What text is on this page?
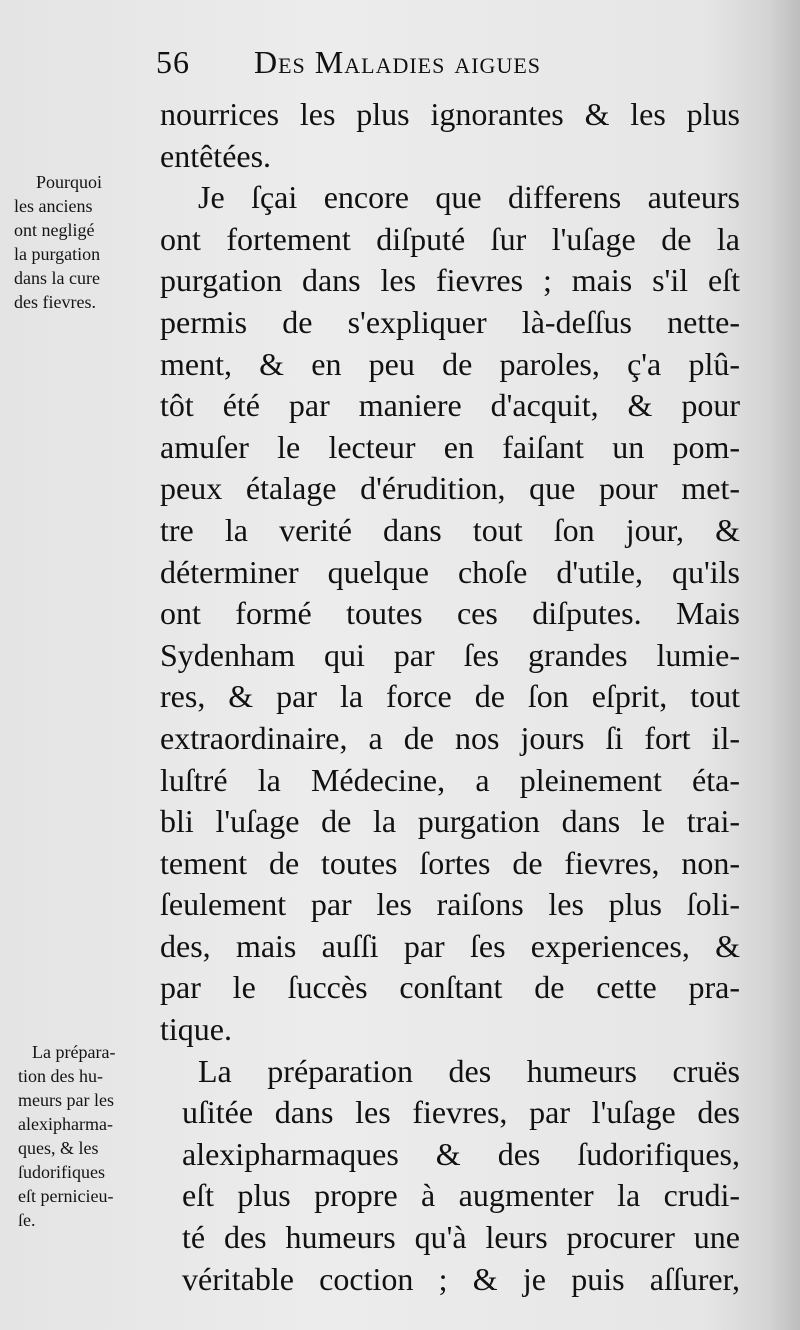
56 Des Maladies aigues
nourrices les plus ignorantes & les plus
entêtées.
Je ſçai encore que differens auteurs
ont fortement diſputé ſur l'uſage de la
purgation dans les fievres ; mais s'il eſt
permis de s'expliquer là-deſſus nette-
ment, & en peu de paroles, ç'a plû-
tôt été par maniere d'acquit, & pour
amuſer le lecteur en faiſant un pom-
peux étalage d'érudition, que pour met-
tre la verité dans tout ſon jour, &
déterminer quelque choſe d'utile, qu'ils
ont formé toutes ces diſputes. Mais
Sydenham qui par ſes grandes lumie-
res, & par la force de ſon eſprit, tout
extraordinaire, a de nos jours ſi fort il-
luſtré la Médecine, a pleinement éta-
bli l'uſage de la purgation dans le trai-
tement de toutes ſortes de fievres, non-
ſeulement par les raiſons les plus ſoli-
des, mais auſſi par ſes experiences, &
par le ſuccès conſtant de cette pra-
tique.
La préparation des humeurs cruës
uſitée dans les fievres, par l'uſage des
alexipharmaques & des ſudorifiques,
eſt plus propre à augmenter la crudi-
té des humeurs qu'à leurs procurer une
véritable coction ; & je puis aſſurer,
Pourquoi
les anciens
ont negligé
la purgation
dans la cure
des fievres.
La prépara-
tion des hu-
meurs par les
alexipharma-
ques, & les
ſudorifiques
eſt pernicieu-
ſe.
